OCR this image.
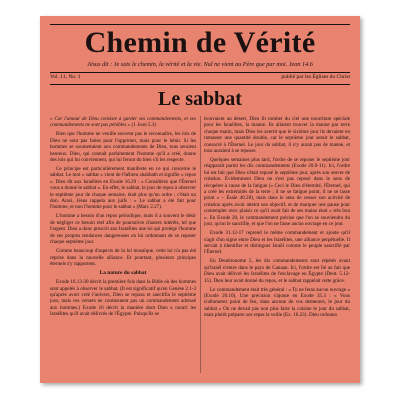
Chemin de Vérité
Jésus dit : Je suis le chemin, la vérité et la vie. Nul ne vient au Père que par moi. Jean 14.6
Vol. 11, No. 1	publié par les Églises du Christ
Le sabbat

« Car l'amour de Dieu consiste à garder ses commandements, et ses commandements ne sont pas pénibles » (1 Jean 5.3)

Bien que l'homme ne veuille souvent pas le reconnaître, les lois de Dieu ne sont pas faites pour l'opprimer, mais pour le bénir. Si les hommes se soumettaient aux commandements de Dieu, tous seraient heureux. Dieu, qui connaît parfaitement l'homme qu'il a créé, donne des lois qui lui conviennent, qui lui feront du bien s'il les respecte.

Ce principe est particulièrement manifeste en ce qui concerne le sabbat. Le mot « sabbat » vient de l'hébreu shabbath et signifie « repos ». Dieu dit aux Israélites en Exode 16.29 : « Considérez que l'Éternel vous a donné le sabbat ». En effet, le sabbat, le jour de repos à observer le septième jour de chaque semaine, était plus qu'un ordre ; c'était un don. Ainsi, Jésus rappela aux juifs : « Le sabbat a été fait pour l'homme, et non l'homme pour le sabbat » (Marc 2.27).

L'homme a besoin d'un repos périodique, mais il a souvent le désir de négliger ce besoin réel afin de poursuivre d'autres intérêts, tel que l'argent. Dieu a donc prescrit aux Israélites une loi qui protège l'homme de ses propres tendances dangereuses en lui ordonnant de se reposer chaque septième jour.

Comme beaucoup d'aspects de la loi mosaïque, cette loi n'a pas été reprise dans la nouvelle alliance. Et pourtant, plusieurs principes éternels s'y rapportent.

La nature du sabbat

Exode 16.13-30 décrit la première fois dans la Bible où des hommes sont appelés à observer le sabbat. (Il est significatif qu'en Genèse 2.1-3 qu'après avoir créé l'univers, Dieu se reposa et sanctifia le septième jour, mais ces versets ne contiennent pas un commandement adressé aux hommes.) Exode 16 décrit la manière dont Dieu a nourri les Israélites qu'il avait délivrés de l'Égypte. Puisqu'ils se

trouvaient au désert, Dieu fit tomber du ciel une nourriture spéciale pour les Israélites, la manne. Ils allaient trouver la manne par terre chaque matin, mais Dieu les avertit que le sixième jour ils devaient en ramasser une quantité double, car le septième jour serait le sabbat, consacré à l'Éternel. Le jour du sabbat, il n'y aurait pas de manne, et tous auraient à se reposer.

Quelques semaines plus tard, l'ordre de se reposer le septième jour réapparaît parmi les dix commandements (Exode 20.8-11). Ici, l'ordre lui est fait que Dieu s'était reposé le septième jour, après son œuvre de création. Évidemment Dieu ne s'est pas reposé dans le sens de récupérer à cause de la fatigue (« Ceci le Dieu d'éternité, l'Éternel, qui a créé les extrémités de la terre ; il ne se fatigue point, il ne se lasse point » – Ésaïe 40.28), mais dans le sens de cesser son activité de création après avoir atteint son objectif, et de marquer une pause pour contempler avec plaisir ce qu'il avait fait de ses mains était « très bon ». En Exode 20, le commandement précise que l'on se souviendra du jour, qu'on le sanctifie, et que l'on ne fasse aucun ouvrage en ce jour.

Exode 31.12-17 reprend le même commandement et ajoute qu'il s'agit d'un signe entre Dieu et les Israélites, une alliance perpétuelle. Il servait à identifier et distinguer Israël comme le peuple sanctifié par l'Éternel.

En Deutéronome 5, les dix commandements sont répétés avant qu'Israël n'entre dans le pays de Canaan. Ici, l'ordre est lié au fait que Dieu avait délivré les Israélites de l'esclavage en Égypte (Deut. 5.12-15). Dieu leur avait donné du repos, et le sabbat rappelait cette grâce.

Le commandement était très général : « Tu ne feras aucun ouvrage » (Exode 20.10). Une précision s'ajoute en Exode 35.3 : « Vous n'allumerez point de feu, dans aucune de vos demeures, le jour du sabbat » On ne devait pas non plus faire la cuisine le jour du sabbat, mais plutôt préparer ses repas la veille (Ex. 16.23). Dieu ordonna
